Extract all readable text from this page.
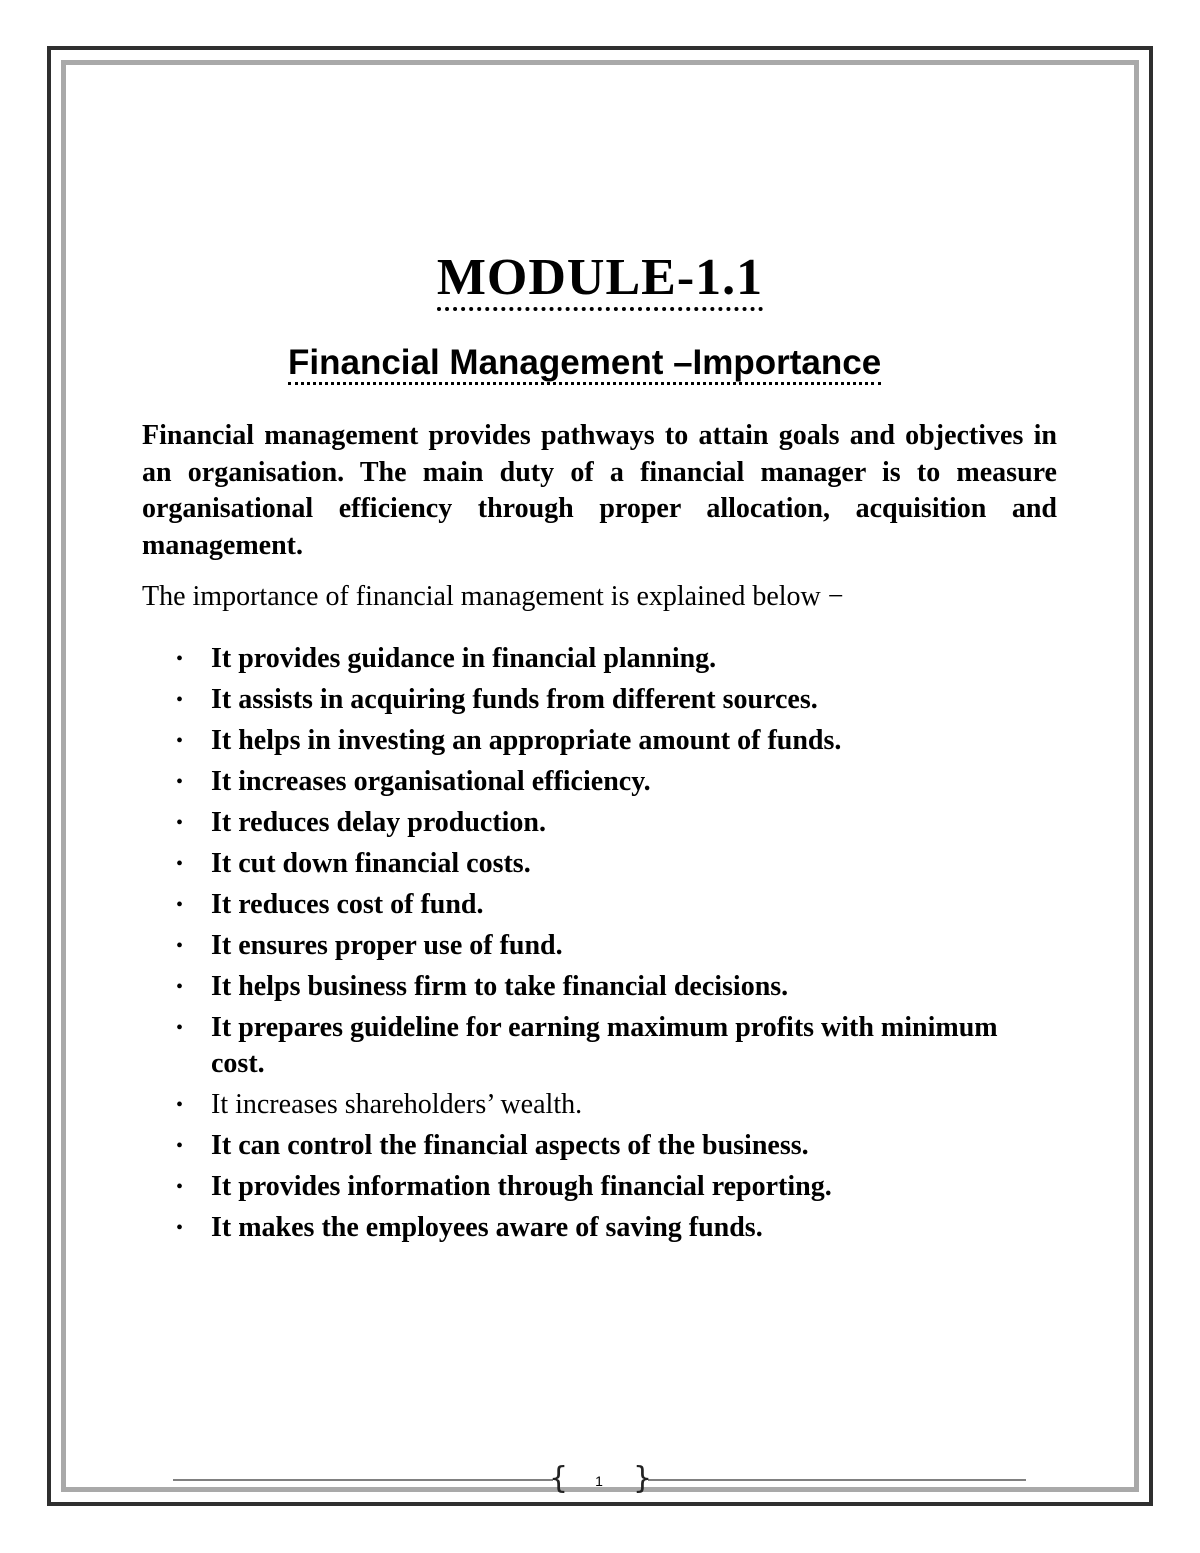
MODULE-1.1
Financial Management –Importance

Financial management provides pathways to attain goals and objectives in an organisation. The main duty of a financial manager is to measure organisational efficiency through proper allocation, acquisition and management.

The importance of financial management is explained below −

• It provides guidance in financial planning.
• It assists in acquiring funds from different sources.
• It helps in investing an appropriate amount of funds.
• It increases organisational efficiency.
• It reduces delay production.
• It cut down financial costs.
• It reduces cost of fund.
• It ensures proper use of fund.
• It helps business firm to take financial decisions.
• It prepares guideline for earning maximum profits with minimum cost.
• It increases shareholders’ wealth.
• It can control the financial aspects of the business.
• It provides information through financial reporting.
• It makes the employees aware of saving funds.
{ }
1
